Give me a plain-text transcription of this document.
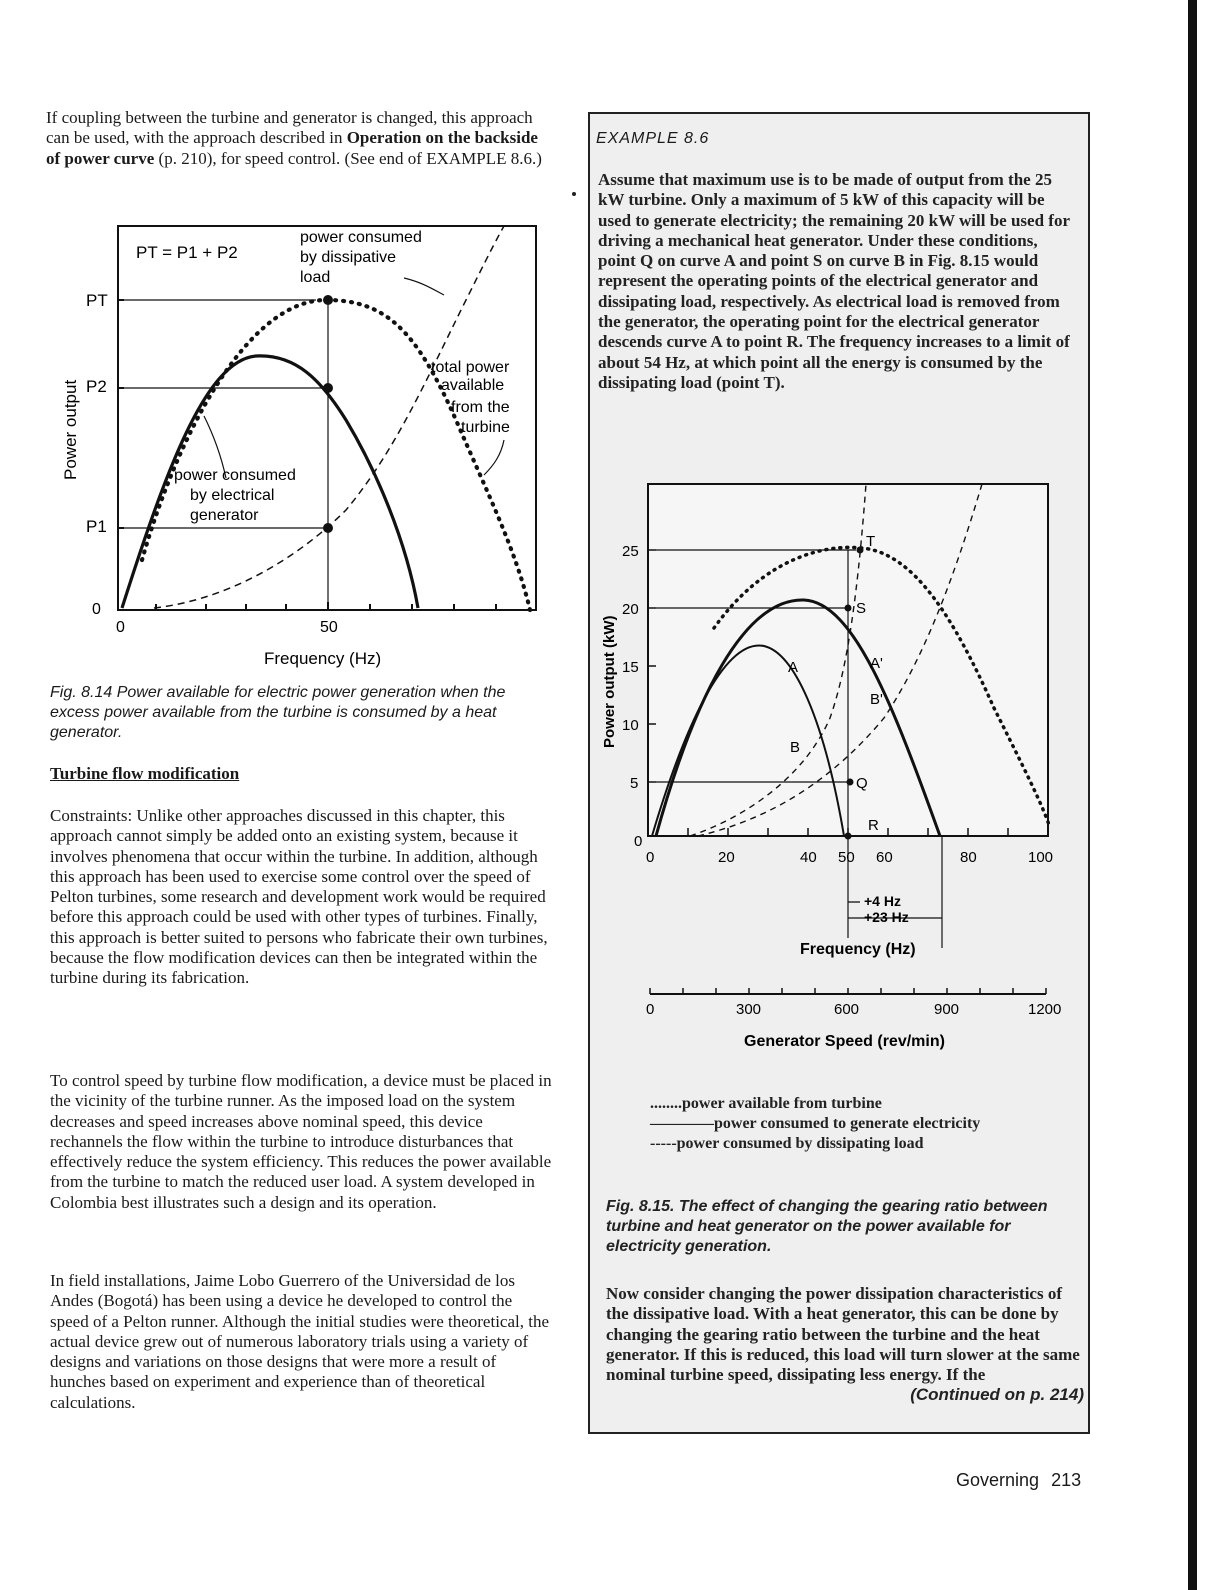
If coupling between the turbine and generator is changed, this approach can be used, with the approach described in Operation on the backside of power curve (p. 210), for speed control. (See end of EXAMPLE 8.6.)

PT = P1 + P2
power consumed
by dissipative
load
total power
available
from the
turbine
power consumed
by electrical
generator
PT
P2
P1
0
0	50
Frequency (Hz)
Power output

Fig. 8.14 Power available for electric power generation when the excess power available from the turbine is consumed by a heat generator.

Turbine flow modification

Constraints: Unlike other approaches discussed in this chapter, this approach cannot simply be added onto an existing system, because it involves phenomena that occur within the turbine. In addition, although this approach has been used to exercise some control over the speed of Pelton turbines, some research and development work would be required before this approach could be used with other types of turbines. Finally, this approach is better suited to persons who fabricate their own turbines, because the flow modification devices can then be integrated within the turbine during its fabrication.

To control speed by turbine flow modification, a device must be placed in the vicinity of the turbine runner. As the imposed load on the system decreases and speed increases above nominal speed, this device rechannels the flow within the turbine to introduce disturbances that effectively reduce the system efficiency. This reduces the power available from the turbine to match the reduced user load. A system developed in Colombia best illustrates such a design and its operation.

In field installations, Jaime Lobo Guerrero of the Universidad de los Andes (Bogotá) has been using a device he developed to control the speed of a Pelton runner. Although the initial studies were theoretical, the actual device grew out of numerous laboratory trials using a variety of designs and variations on those designs that were more a result of hunches based on experiment and experience than of theoretical calculations.

EXAMPLE 8.6

Assume that maximum use is to be made of output from the 25 kW turbine. Only a maximum of 5 kW of this capacity will be used to generate electricity; the remaining 20 kW will be used for driving a mechanical heat generator. Under these conditions, point Q on curve A and point S on curve B in Fig. 8.15 would represent the operating points of the electrical generator and dissipating load, respectively. As electrical load is removed from the generator, the operating point for the electrical generator descends curve A to point R. The frequency increases to a limit of about 54 Hz, at which point all the energy is consumed by the dissipating load (point T).

T
S
Q
R
A	A'
B
B'
25
20
15
10
5
0
0	20	40 50 60	80	100
+4 Hz
+23 Hz
Frequency (Hz)
0	300	600	900	1200
Generator Speed (rev/min)
Power output (kW)
........power available from turbine
————power consumed to generate electricity
-----power consumed by dissipating load

Fig. 8.15. The effect of changing the gearing ratio between turbine and heat generator on the power available for electricity generation.

Now consider changing the power dissipation characteristics of the dissipative load. With a heat generator, this can be done by changing the gearing ratio between the turbine and the heat generator. If this is reduced, this load will turn slower at the same nominal turbine speed, dissipating less energy. If the
(Continued on p. 214)

Governing 213
